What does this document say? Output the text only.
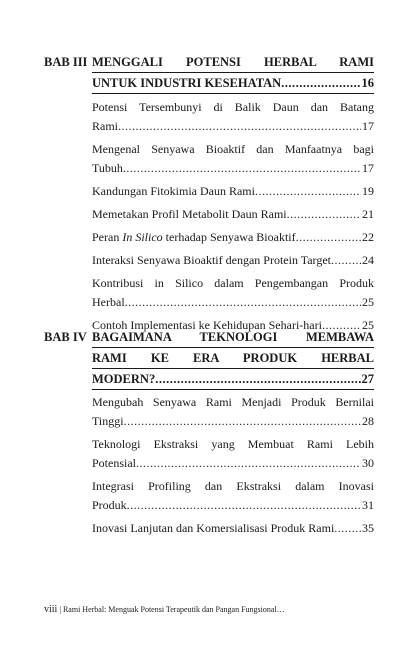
BAB III MENGGALI POTENSI HERBAL RAMI
UNTUK INDUSTRI KESEHATAN .....	16
Potensi Tersembunyi di Balik Daun dan Batang
Rami .....	17
Mengenal Senyawa Bioaktif dan Manfaatnya bagi
Tubuh .....	17
Kandungan Fitokimia Daun Rami .....	19
Memetakan Profil Metabolit Daun Rami .....	21
Peran In Silico terhadap Senyawa Bioaktif .....	22
Interaksi Senyawa Bioaktif dengan Protein Target .....	24
Kontribusi in Silico dalam Pengembangan Produk
Herbal .....	25
Contoh Implementasi ke Kehidupan Sehari-hari .....	25
BAB IV BAGAIMANA TEKNOLOGI MEMBAWA
RAMI KE ERA PRODUK HERBAL
MODERN? .....	27
Mengubah Senyawa Rami Menjadi Produk Bernilai
Tinggi .....	28
Teknologi Ekstraksi yang Membuat Rami Lebih
Potensial .....	30
Integrasi Profiling dan Ekstraksi dalam Inovasi
Produk .....	31
Inovasi Lanjutan dan Komersialisasi Produk Rami ..... 35
viii | Rami Herbal: Menguak Potensi Terapeutik dan Pangan Fungsional…
